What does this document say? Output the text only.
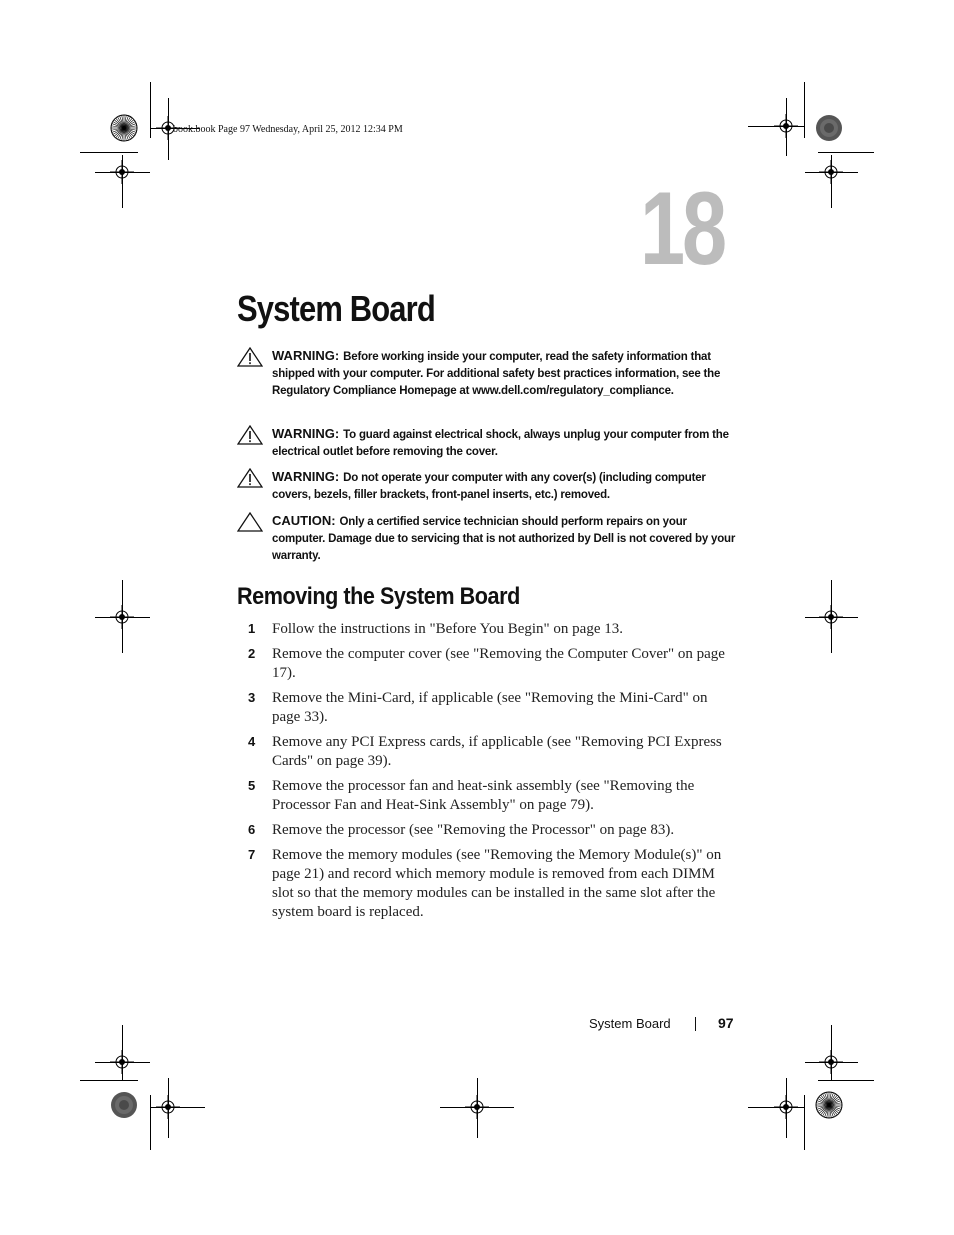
book.book Page 97 Wednesday, April 25, 2012 12:34 PM
18
System Board
WARNING: Before working inside your computer, read the safety information that shipped with your computer. For additional safety best practices information, see the Regulatory Compliance Homepage at www.dell.com/regulatory_compliance.
WARNING: To guard against electrical shock, always unplug your computer from the electrical outlet before removing the cover.
WARNING: Do not operate your computer with any cover(s) (including computer covers, bezels, filler brackets, front-panel inserts, etc.) removed.
CAUTION: Only a certified service technician should perform repairs on your computer. Damage due to servicing that is not authorized by Dell is not covered by your warranty.
Removing the System Board
1 Follow the instructions in "Before You Begin" on page 13.
2 Remove the computer cover (see "Removing the Computer Cover" on page 17).
3 Remove the Mini-Card, if applicable (see "Removing the Mini-Card" on page 33).
4 Remove any PCI Express cards, if applicable (see "Removing PCI Express Cards" on page 39).
5 Remove the processor fan and heat-sink assembly (see "Removing the Processor Fan and Heat-Sink Assembly" on page 79).
6 Remove the processor (see "Removing the Processor" on page 83).
7 Remove the memory modules (see "Removing the Memory Module(s)" on page 21) and record which memory module is removed from each DIMM slot so that the memory modules can be installed in the same slot after the system board is replaced.
System Board	97
